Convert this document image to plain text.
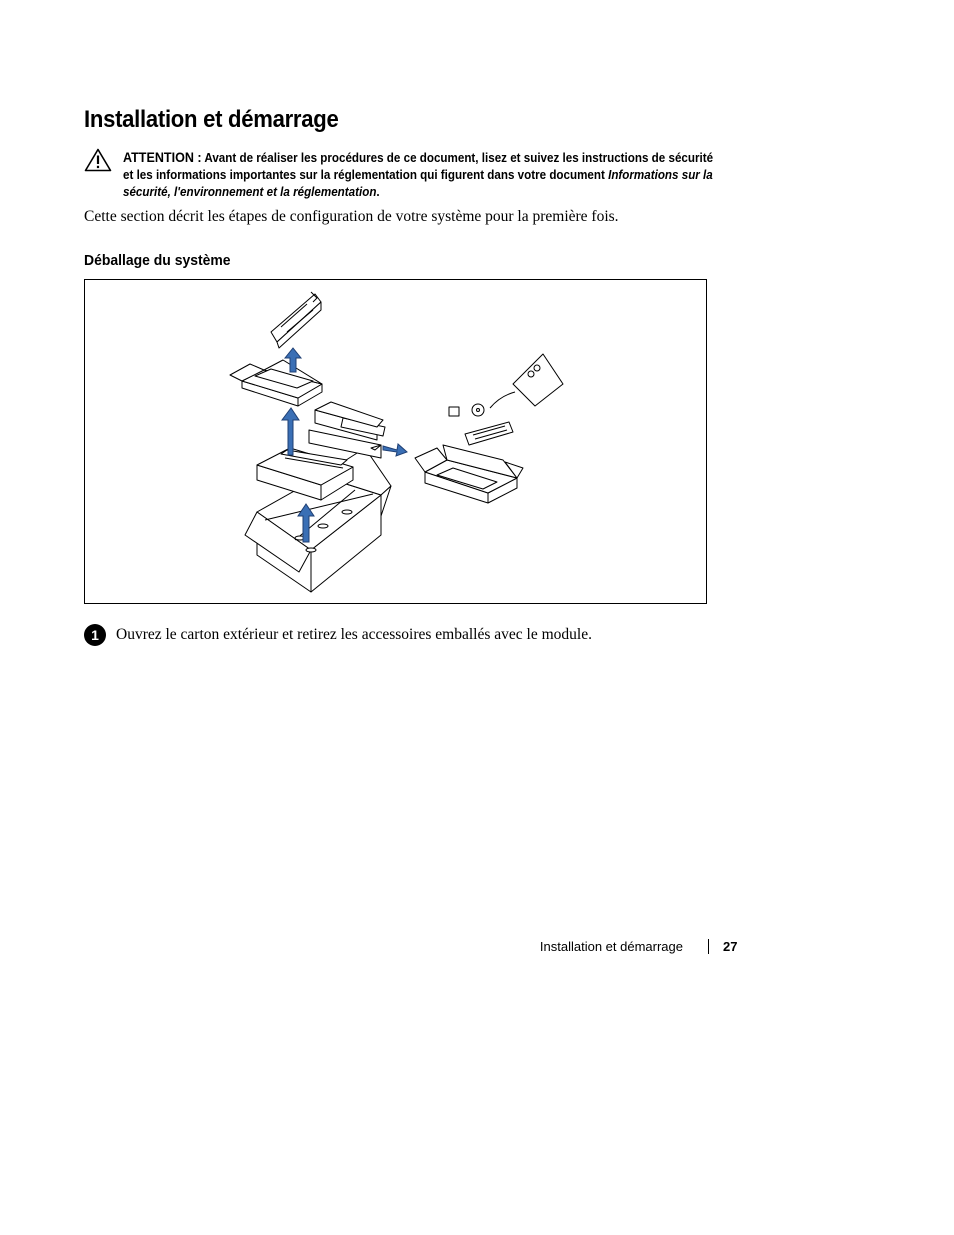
Installation et démarrage
ATTENTION : Avant de réaliser les procédures de ce document, lisez et suivez les instructions de sécurité et les informations importantes sur la réglementation qui figurent dans votre document Informations sur la sécurité, l'environnement et la réglementation.

Cette section décrit les étapes de configuration de votre système pour la première fois.

Déballage du système
1	Ouvrez le carton extérieur et retirez les accessoires emballés avec le module.

Installation et démarrage	27
